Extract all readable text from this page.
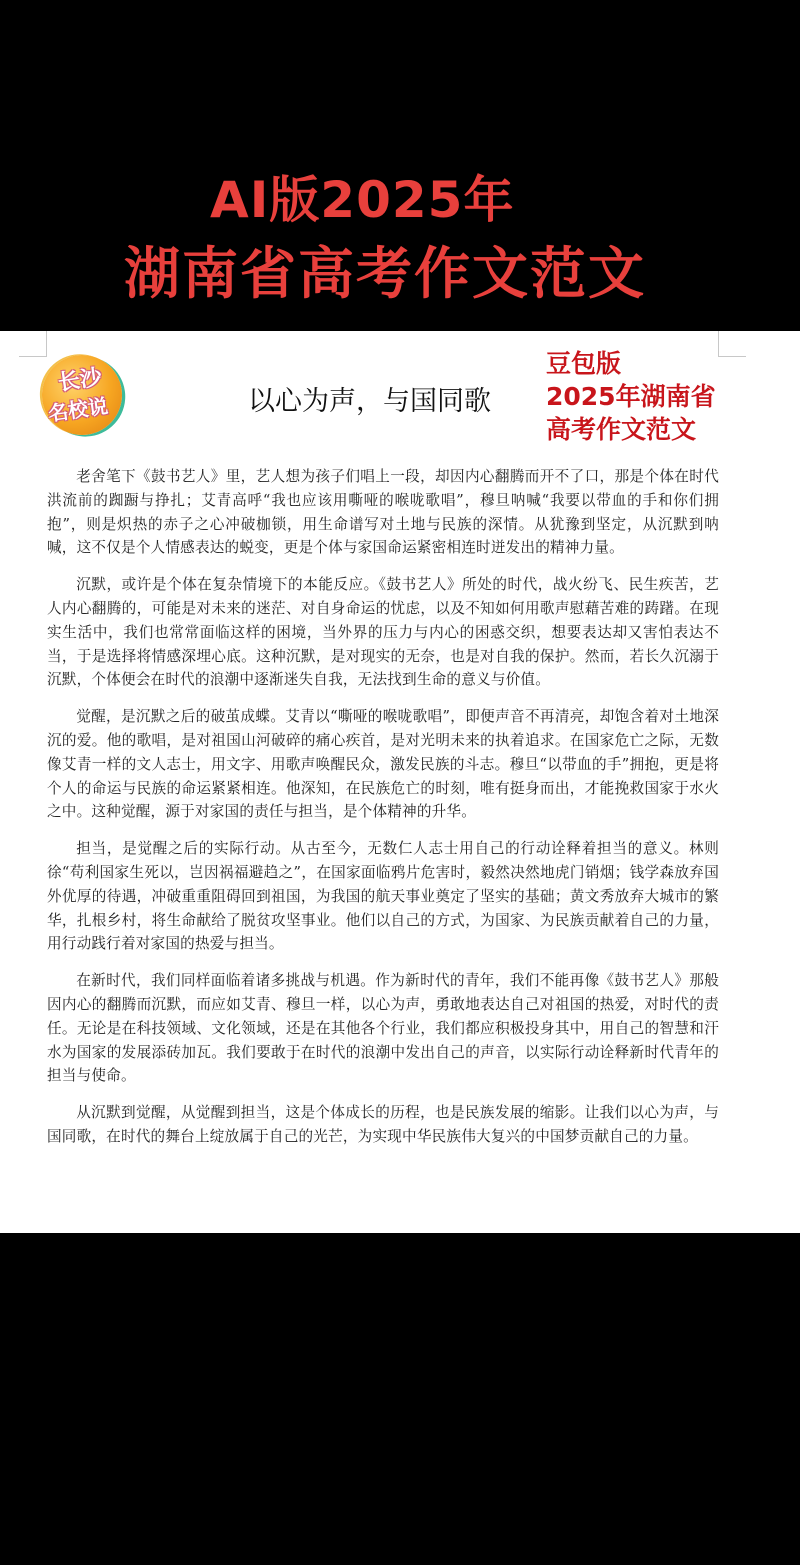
AI版2025年
湖南省高考作文范文
长沙
名校说	以心为声，与国同歌
豆包版
2025年湖南省
高考作文范文

老舍笔下《鼓书艺人》里，艺人想为孩子们唱上一段，却因内心翻腾而开不了口，那是个体在时代洪流前的踟蹰与挣扎；艾青高呼“我也应该用嘶哑的喉咙歌唱”，穆旦呐喊“我要以带血的手和你们拥抱”，则是炽热的赤子之心冲破枷锁，用生命谱写对土地与民族的深情。从犹豫到坚定，从沉默到呐喊，这不仅是个人情感表达的蜕变，更是个体与家国命运紧密相连时迸发出的精神力量。

沉默，或许是个体在复杂情境下的本能反应。《鼓书艺人》所处的时代，战火纷飞、民生疾苦，艺人内心翻腾的，可能是对未来的迷茫、对自身命运的忧虑，以及不知如何用歌声慰藉苦难的踌躇。在现实生活中，我们也常常面临这样的困境，当外界的压力与内心的困惑交织，想要表达却又害怕表达不当，于是选择将情感深埋心底。这种沉默，是对现实的无奈，也是对自我的保护。然而，若长久沉溺于沉默，个体便会在时代的浪潮中逐渐迷失自我，无法找到生命的意义与价值。

觉醒，是沉默之后的破茧成蝶。艾青以“嘶哑的喉咙歌唱”，即便声音不再清亮，却饱含着对土地深沉的爱。他的歌唱，是对祖国山河破碎的痛心疾首，是对光明未来的执着追求。在国家危亡之际，无数像艾青一样的文人志士，用文字、用歌声唤醒民众，激发民族的斗志。穆旦“以带血的手”拥抱，更是将个人的命运与民族的命运紧紧相连。他深知，在民族危亡的时刻，唯有挺身而出，才能挽救国家于水火之中。这种觉醒，源于对家国的责任与担当，是个体精神的升华。

担当，是觉醒之后的实际行动。从古至今，无数仁人志士用自己的行动诠释着担当的意义。林则徐“苟利国家生死以，岂因祸福避趋之”，在国家面临鸦片危害时，毅然决然地虎门销烟；钱学森放弃国外优厚的待遇，冲破重重阻碍回到祖国，为我国的航天事业奠定了坚实的基础；黄文秀放弃大城市的繁华，扎根乡村，将生命献给了脱贫攻坚事业。他们以自己的方式，为国家、为民族贡献着自己的力量，用行动践行着对家国的热爱与担当。

在新时代，我们同样面临着诸多挑战与机遇。作为新时代的青年，我们不能再像《鼓书艺人》那般因内心的翻腾而沉默，而应如艾青、穆旦一样，以心为声，勇敢地表达自己对祖国的热爱，对时代的责任。无论是在科技领域、文化领域，还是在其他各个行业，我们都应积极投身其中，用自己的智慧和汗水为国家的发展添砖加瓦。我们要敢于在时代的浪潮中发出自己的声音，以实际行动诠释新时代青年的担当与使命。

从沉默到觉醒，从觉醒到担当，这是个体成长的历程，也是民族发展的缩影。让我们以心为声，与国同歌，在时代的舞台上绽放属于自己的光芒，为实现中华民族伟大复兴的中国梦贡献自己的力量。
